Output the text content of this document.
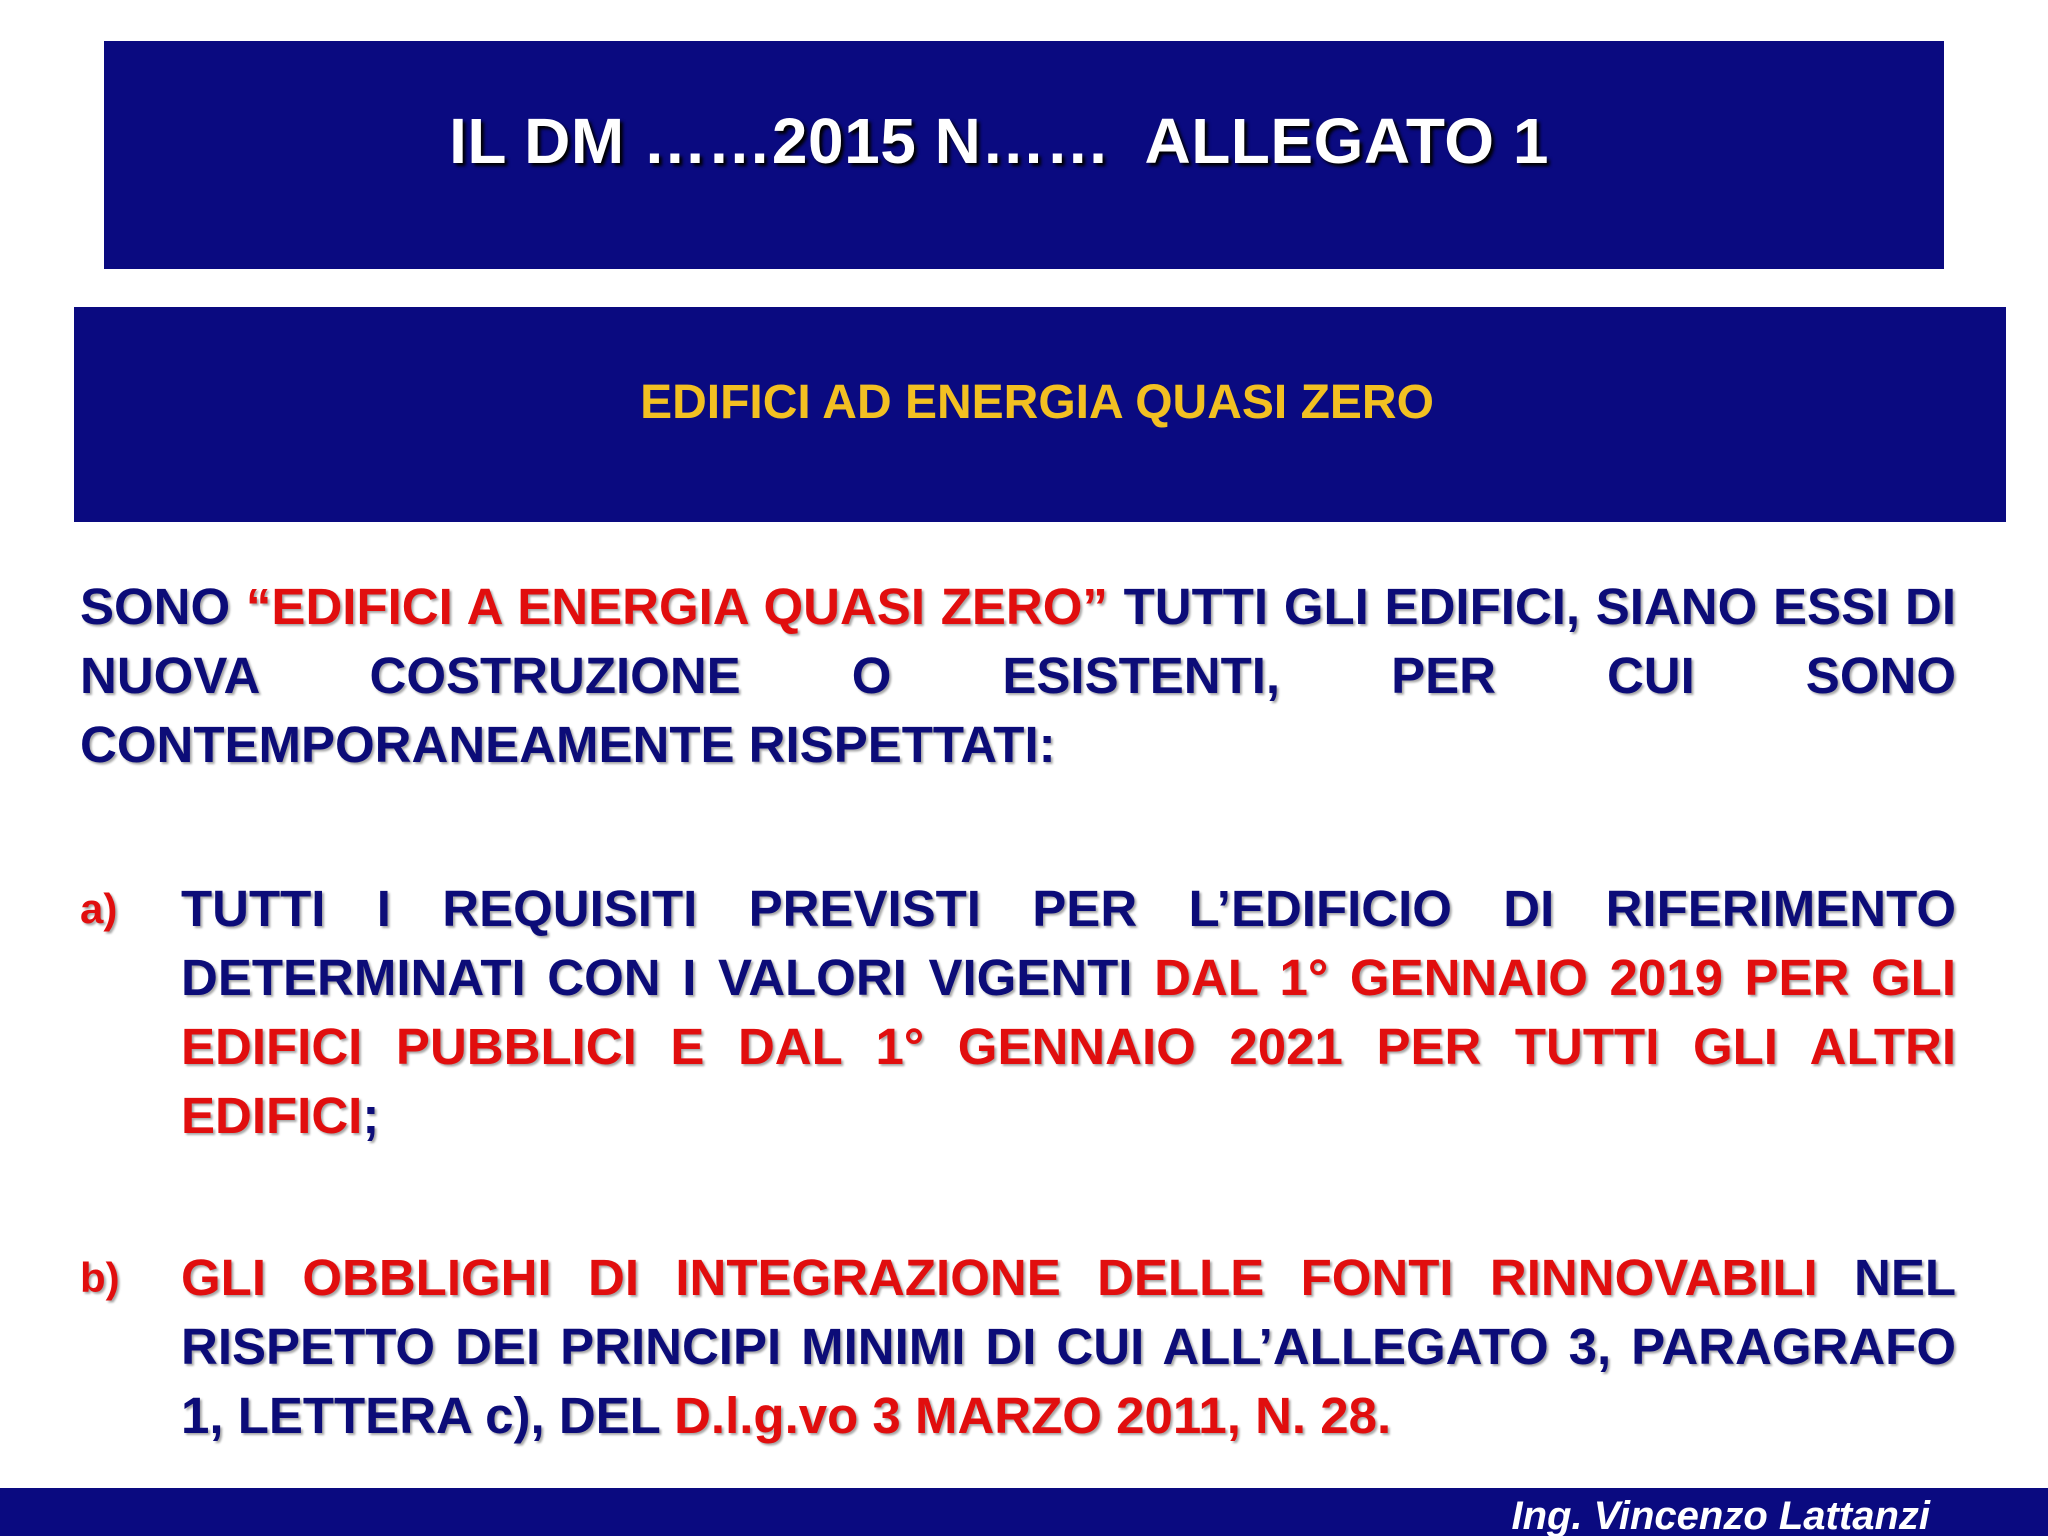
IL DM ……2015 N……  ALLEGATO 1
EDIFICI AD ENERGIA QUASI ZERO

SONO “EDIFICI A ENERGIA QUASI ZERO” TUTTI GLI EDIFICI, SIANO ESSI DI NUOVA COSTRUZIONE O ESISTENTI, PER CUI SONO CONTEMPORANEAMENTE RISPETTATI:

a) TUTTI I REQUISITI PREVISTI PER L’EDIFICIO DI RIFERIMENTO DETERMINATI CON I VALORI VIGENTI DAL 1° GENNAIO 2019 PER GLI EDIFICI PUBBLICI E DAL 1° GENNAIO 2021 PER TUTTI GLI ALTRI EDIFICI;
b) GLI OBBLIGHI DI INTEGRAZIONE DELLE FONTI RINNOVABILI NEL RISPETTO DEI PRINCIPI MINIMI DI CUI ALL’ALLEGATO 3, PARAGRAFO 1, LETTERA c), DEL D.l.g.vo 3 MARZO 2011, N. 28.
Ing. Vincenzo Lattanzi
